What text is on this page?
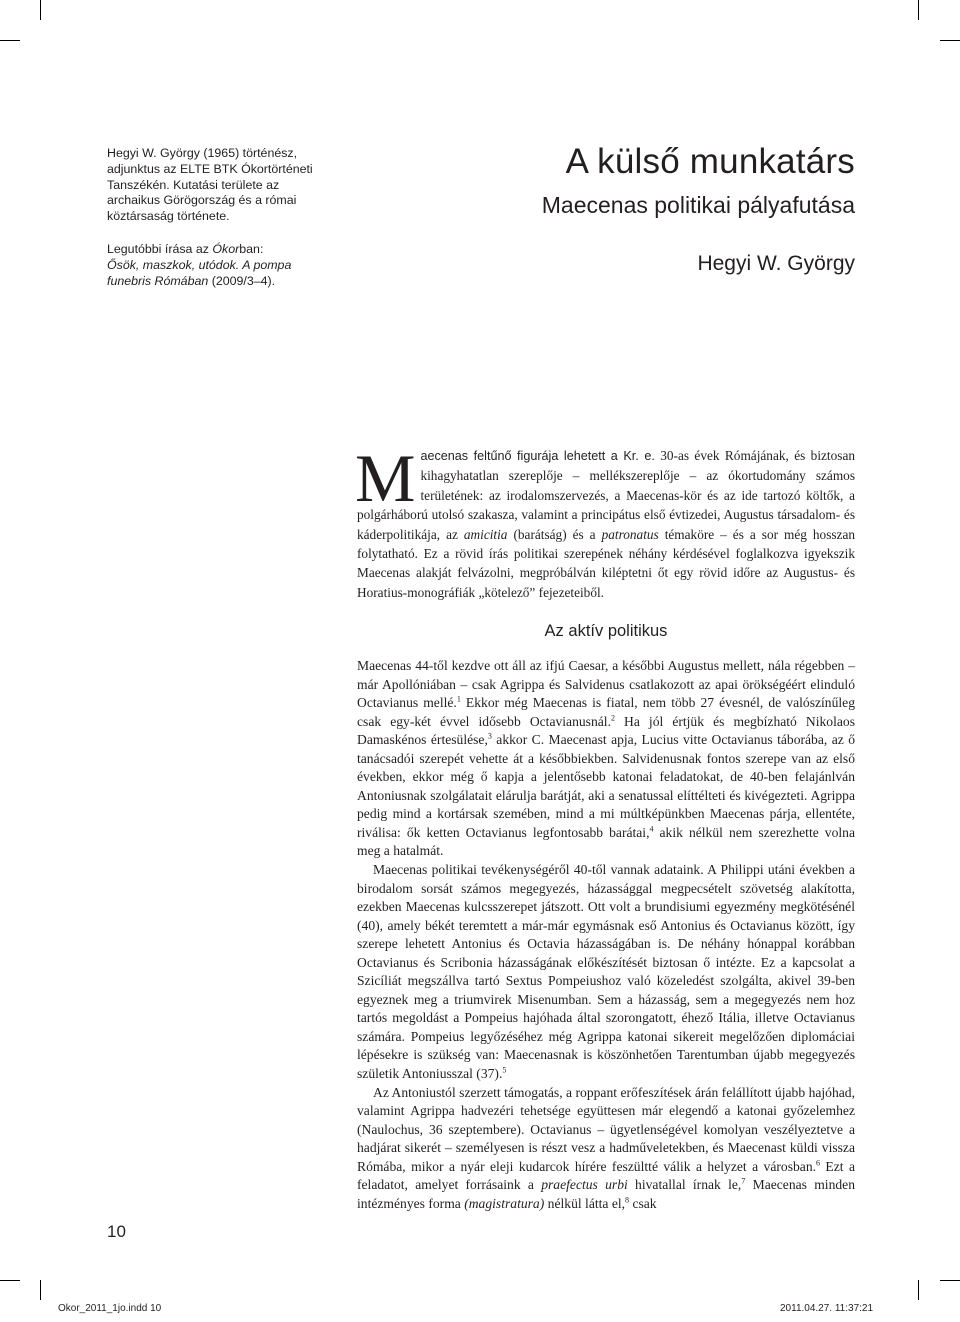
Hegyi W. György (1965) történész, adjunktus az ELTE BTK Ókortörténeti Tanszékén. Kutatási területe az archaikus Görögország és a római köztársaság története.

Legutóbbi írása az Ókorban:
Ősök, maszkok, utódok. A pompa funebris Rómában (2009/3–4).

A külső munkatárs
Maecenas politikai pályafutása
Hegyi W. György

Maecenas feltűnő figurája lehetett a Kr. e. 30-as évek Rómájának, és biztosan kihagyhatatlan szereplője – mellékszereplője – az ókortudomány számos területének: az irodalomszervezés, a Maecenas-kör és az ide tartozó költők, a polgárháború utolsó szakasza, valamint a principátus első évtizedei, Augustus társadalom- és káderpolitikája, az amicitia (barátság) és a patronatus témaköre – és a sor még hosszan folytatható. Ez a rövid írás politikai szerepének néhány kérdésével foglalkozva igyekszik Maecenas alakját felvázolni, megpróbálván kiléptetni őt egy rövid időre az Augustus- és Horatius-monográfiák „kötelező” fejezeteiből.

Az aktív politikus

Maecenas 44-től kezdve ott áll az ifjú Caesar, a későbbi Augustus mellett, nála régebben – már Apollóniában – csak Agrippa és Salvidenus csatlakozott az apai örökségéért elinduló Octavianus mellé.$^1$ Ekkor még Maecenas is fiatal, nem több 27 évesnél, de valószínűleg csak egy-két évvel idősebb Octavianusnál.$^2$ Ha jól értjük és megbízható Nikolaos Damaskénos értesülése,$^3$ akkor C. Maecenast apja, Lucius vitte Octavianus táborába, az ő tanácsadói szerepét vehette át a későbbiekben. Salvidenusnak fontos szerepe van az első években, ekkor még ő kapja a jelentősebb katonai feladatokat, de 40-ben felajánlván Antoniusnak szolgálatait elárulja barátját, aki a senatussal elíttélteti és kivégezteti. Agrippa pedig mind a kortársak szemében, mind a mi múltképünkben Maecenas párja, ellentéte, riválisa: ők ketten Octavianus legfontosabb barátai,$^4$ akik nélkül nem szerezhette volna meg a hatalmát.

Maecenas politikai tevékenységéről 40-től vannak adataink. A Philippi utáni években a birodalom sorsát számos megegyezés, házassággal megpecsételt szövetség alakította, ezekben Maecenas kulcsszerepet játszott. Ott volt a brundisiumi egyezmény megkötésénél (40), amely békét teremtett a már-már egymásnak eső Antonius és Octavianus között, így szerepe lehetett Antonius és Octavia házasságában is. De néhány hónappal korábban Octavianus és Scribonia házasságának előkészítését biztosan ő intézte. Ez a kapcsolat a Szicíliát megszállva tartó Sextus Pompeiushoz való közeledést szolgálta, akivel 39-ben egyeznek meg a triumvirek Misenumban. Sem a házasság, sem a megegyezés nem hoz tartós megoldást a Pompeius hajóhada által szorongatott, éhező Itália, illetve Octavianus számára. Pompeius legyőzéséhez még Agrippa katonai sikereit megelőzően diplomáciai lépésekre is szükség van: Maecenasnak is köszönhetően Tarentumban újabb megegyezés születik Antoniusszal (37).$^5$

Az Antoniustól szerzett támogatás, a roppant erőfeszítések árán felállított újabb hajóhad, valamint Agrippa hadvezéri tehetsége együttesen már elegendő a katonai győzelemhez (Naulochus, 36 szeptembere). Octavianus – ügyetlenségével komolyan veszélyeztetve a hadjárat sikerét – személyesen is részt vesz a hadműveletekben, és Maecenast küldi vissza Rómába, mikor a nyár eleji kudarcok hírére feszültté válik a helyzet a városban.$^6$ Ezt a feladatot, amelyet forrásaink a praefectus urbi hivatallal írnak le,$^7$ Maecenas minden intézményes forma (magistratura) nélkül látta el,$^8$ csak

10
Okor_2011_1jo.indd 10	2011.04.27. 11:37:21
